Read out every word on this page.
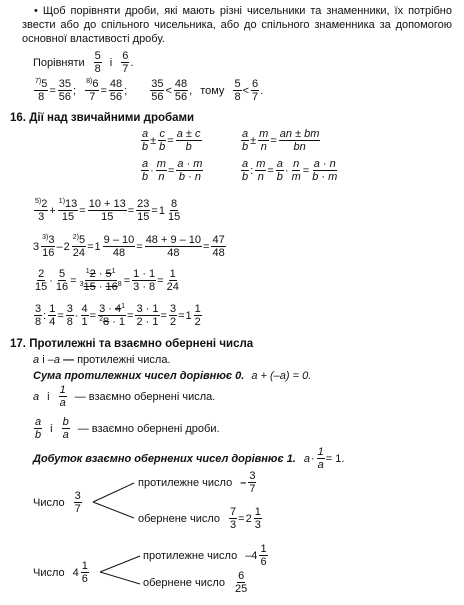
• Щоб порівняти дроби, які мають різні чисельники та знаменники, їх потрібно звести або до спільного чисельника, або до спільного знаменника за допомогою основної властивості дробу.
Порівняти $\frac{5}{8}$ і $\frac{6}{7}$ .
$\frac{^{7)}5}{8} = \frac{35}{56}$ ; $\frac{^{8)}6}{7} = \frac{48}{56}$ ; $\frac{35}{56} < \frac{48}{56}$ , тому $\frac{5}{8} < \frac{6}{7}$ .
16. Дії над звичайними дробами
$\frac{a}{b} \pm \frac{c}{b} = \frac{a \pm c}{b}$	$\frac{a}{b} \pm \frac{m}{n} = \frac{an \pm bm}{bn}$
$\frac{a}{b} \cdot \frac{m}{n} = \frac{a \cdot m}{b \cdot n}$	$\frac{a}{b}$ : $\frac{m}{n} = \frac{a}{b} \cdot \frac{n}{m} = \frac{a \cdot n}{b \cdot m}$
$\frac{^{5)}2}{3} + \frac{^{1)}13}{15} = \frac{10 + 13}{15} = \frac{23}{15} = 1 \frac{8}{15}$
$3 \frac{^{3)}3}{16} - 2 \frac{^{2)}5}{24} = 1 \frac{9 - 10}{48} = \frac{48 + 9 - 10}{48} = \frac{47}{48}$
$\frac{2}{15} \cdot \frac{5}{16} = \frac{^12 \cdot 5^1}{^315 \cdot 16^8} = \frac{1 \cdot 1}{3 \cdot 8} = \frac{1}{24}$
$\frac{3}{8}$ : $\frac{1}{4} = \frac{3}{8} \cdot \frac{4}{1} = \frac{3 \cdot 4^1}{^28 \cdot 1} = \frac{3 \cdot 1}{2 \cdot 1} = \frac{3}{2} = 1 \frac{1}{2}$
17. Протилежні та взаємно обернені числа
a і –a — протилежні числа.
Сума протилежних чисел дорівнює 0. a + (–a) = 0.
a і $\frac{1}{a}$ — взаємно обернені числа.
$\frac{a}{b}$ і $\frac{b}{a}$ — взаємно обернені дроби.
Добуток взаємно обернених чисел дорівнює 1. $a \cdot \frac{1}{a} = 1$.
Число $\frac{3}{7}$
протилежне число – $\frac{3}{7}$
обернене число $\frac{7}{3} = 2 \frac{1}{3}$
Число $4 \frac{1}{6}$
протилежне число $-4 \frac{1}{6}$
обернене число $\frac{6}{25}$
